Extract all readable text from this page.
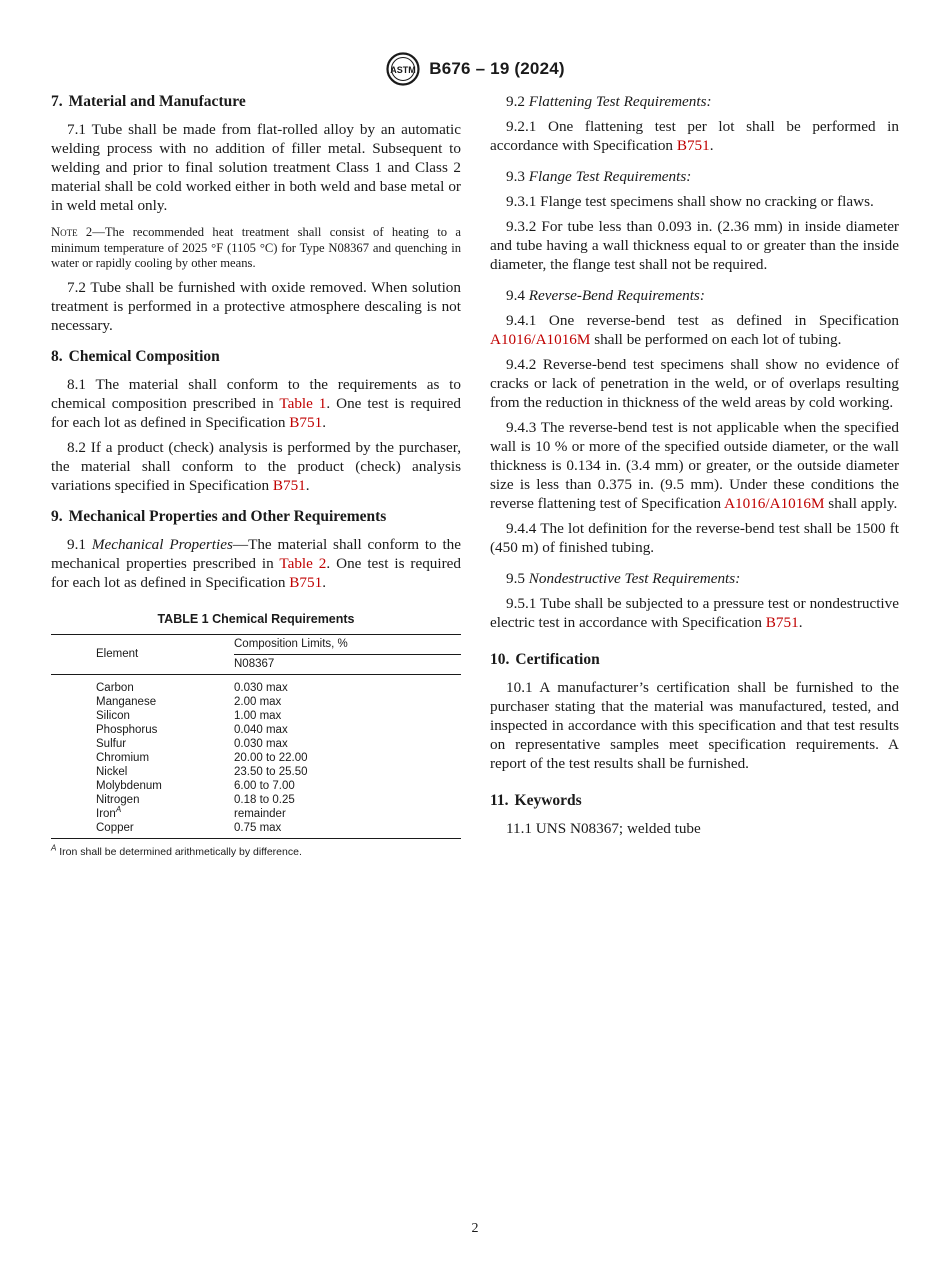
ASTM B676 – 19 (2024)
7. Material and Manufacture

7.1 Tube shall be made from flat-rolled alloy by an automatic welding process with no addition of filler metal. Subsequent to welding and prior to final solution treatment Class 1 and Class 2 material shall be cold worked either in both weld and base metal or in weld metal only.

Note 2—The recommended heat treatment shall consist of heating to a minimum temperature of 2025 °F (1105 °C) for Type N08367 and quenching in water or rapidly cooling by other means.

7.2 Tube shall be furnished with oxide removed. When solution treatment is performed in a protective atmosphere descaling is not necessary.

8. Chemical Composition

8.1 The material shall conform to the requirements as to chemical composition prescribed in Table 1. One test is required for each lot as defined in Specification B751.

8.2 If a product (check) analysis is performed by the purchaser, the material shall conform to the product (check) analysis variations specified in Specification B751.

9. Mechanical Properties and Other Requirements

9.1 Mechanical Properties—The material shall conform to the mechanical properties prescribed in Table 2. One test is required for each lot as defined in Specification B751.

TABLE 1 Chemical Requirements
Element	Composition Limits, %
	N08367
Carbon	0.030 max
Manganese	2.00 max
Silicon	1.00 max
Phosphorus	0.040 max
Sulfur	0.030 max
Chromium	20.00 to 22.00
Nickel	23.50 to 25.50
Molybdenum	6.00 to 7.00
Nitrogen	0.18 to 0.25
Iron$^A$	remainder
Copper	0.75 max
$^A$ Iron shall be determined arithmetically by difference.

9.2 Flattening Test Requirements:

9.2.1 One flattening test per lot shall be performed in accordance with Specification B751.

9.3 Flange Test Requirements:

9.3.1 Flange test specimens shall show no cracking or flaws.

9.3.2 For tube less than 0.093 in. (2.36 mm) in inside diameter and tube having a wall thickness equal to or greater than the inside diameter, the flange test shall not be required.

9.4 Reverse-Bend Requirements:

9.4.1 One reverse-bend test as defined in Specification A1016/A1016M shall be performed on each lot of tubing.

9.4.2 Reverse-bend test specimens shall show no evidence of cracks or lack of penetration in the weld, or of overlaps resulting from the reduction in thickness of the weld areas by cold working.

9.4.3 The reverse-bend test is not applicable when the specified wall is 10 % or more of the specified outside diameter, or the wall thickness is 0.134 in. (3.4 mm) or greater, or the outside diameter size is less than 0.375 in. (9.5 mm). Under these conditions the reverse flattening test of Specification A1016/A1016M shall apply.

9.4.4 The lot definition for the reverse-bend test shall be 1500 ft (450 m) of finished tubing.

9.5 Nondestructive Test Requirements:

9.5.1 Tube shall be subjected to a pressure test or nondestructive electric test in accordance with Specification B751.

10. Certification

10.1 A manufacturer’s certification shall be furnished to the purchaser stating that the material was manufactured, tested, and inspected in accordance with this specification and that test results on representative samples meet specification requirements. A report of the test results shall be furnished.

11. Keywords

11.1 UNS N08367; welded tube

2
